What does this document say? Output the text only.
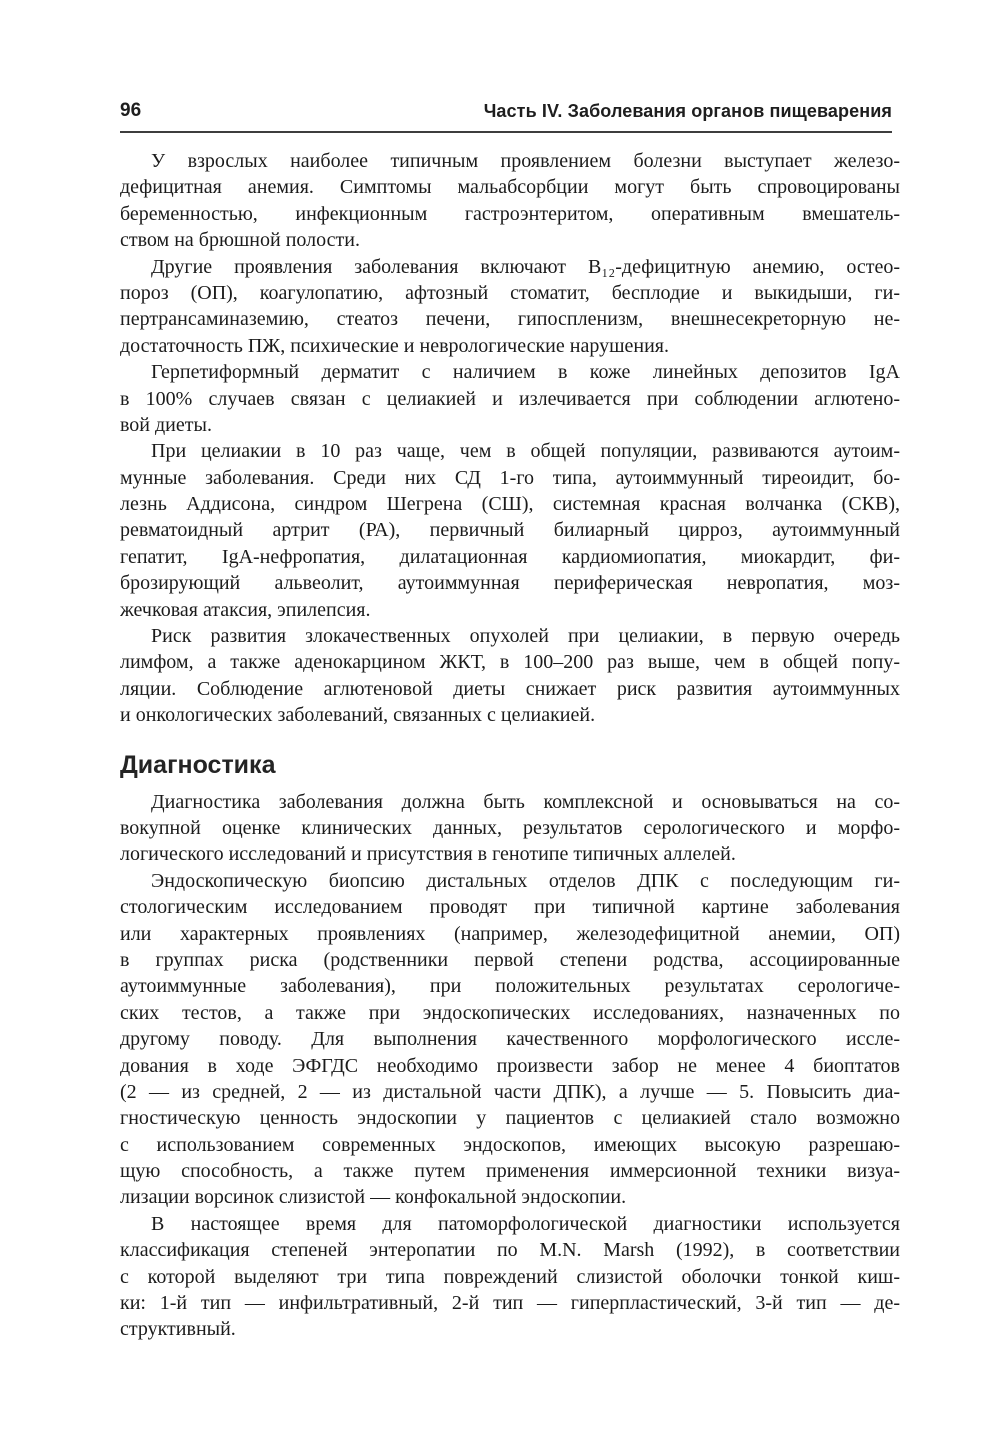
96	Часть IV. Заболевания органов пищеварения
У взрослых наиболее типичным проявлением болезни выступает железо-
дефицитная анемия. Симптомы мальабсорбции могут быть спровоцированы
беременностью, инфекционным гастроэнтеритом, оперативным вмешатель-
ством на брюшной полости.
Другие проявления заболевания включают В₁₂-дефицитную анемию, остео-
пороз (ОП), коагулопатию, афтозный стоматит, бесплодие и выкидыши, ги-
пертрансаминаземию, стеатоз печени, гипоспленизм, внешнесекреторную не-
достаточность ПЖ, психические и неврологические нарушения.
Герпетиформный дерматит с наличием в коже линейных депозитов IgA
в 100% случаев связан с целиакией и излечивается при соблюдении аглютено-
вой диеты.
При целиакии в 10 раз чаще, чем в общей популяции, развиваются аутоим-
мунные заболевания. Среди них СД 1-го типа, аутоиммунный тиреоидит, бо-
лезнь Аддисона, синдром Шегрена (СШ), системная красная волчанка (СКВ),
ревматоидный артрит (РА), первичный билиарный цирроз, аутоиммунный
гепатит, IgA-нефропатия, дилатационная кардиомиопатия, миокардит, фи-
брозирующий альвеолит, аутоиммунная периферическая невропатия, моз-
жечковая атаксия, эпилепсия.
Риск развития злокачественных опухолей при целиакии, в первую очередь
лимфом, а также аденокарцином ЖКТ, в 100–200 раз выше, чем в общей попу-
ляции. Соблюдение аглютеновой диеты снижает риск развития аутоиммунных
и онкологических заболеваний, связанных с целиакией.
Диагностика
Диагностика заболевания должна быть комплексной и основываться на со-
вокупной оценке клинических данных, результатов серологического и морфо-
логического исследований и присутствия в генотипе типичных аллелей.
Эндоскопическую биопсию дистальных отделов ДПК с последующим ги-
стологическим исследованием проводят при типичной картине заболевания
или характерных проявлениях (например, железодефицитной анемии, ОП)
в группах риска (родственники первой степени родства, ассоциированные
аутоиммунные заболевания), при положительных результатах серологиче-
ских тестов, а также при эндоскопических исследованиях, назначенных по
другому поводу. Для выполнения качественного морфологического иссле-
дования в ходе ЭФГДС необходимо произвести забор не менее 4 биоптатов
(2 — из средней, 2 — из дистальной части ДПК), а лучше — 5. Повысить диа-
гностическую ценность эндоскопии у пациентов с целиакией стало возможно
с использованием современных эндоскопов, имеющих высокую разрешаю-
щую способность, а также путем применения иммерсионной техники визуа-
лизации ворсинок слизистой — конфокальной эндоскопии.
В настоящее время для патоморфологической диагностики используется
классификация степеней энтеропатии по M.N. Marsh (1992), в соответствии
с которой выделяют три типа повреждений слизистой оболочки тонкой киш-
ки: 1-й тип — инфильтративный, 2-й тип — гиперпластический, 3-й тип — де-
структивный.
